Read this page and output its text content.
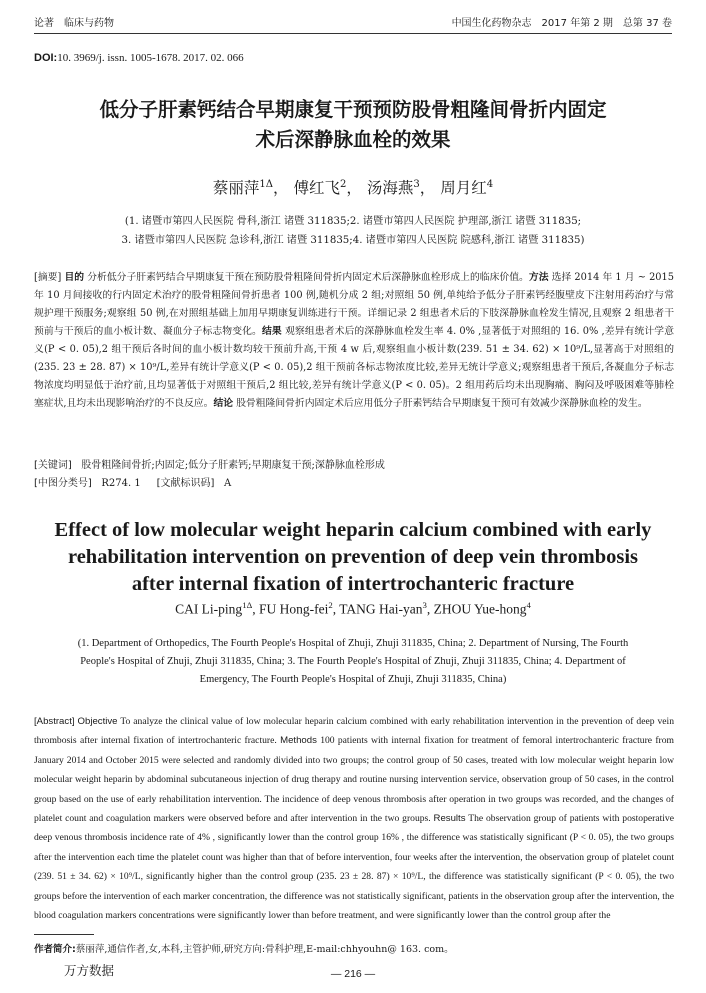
论著　临床与药物	中国生化药物杂志　2017 年第 2 期　总第 37 卷
DOI:10. 3969/j. issn. 1005-1678. 2017. 02. 066
低分子肝素钙结合早期康复干预预防股骨粗隆间骨折内固定
术后深静脉血栓的效果
蔡丽萍$^{1\Delta}$， 傅红飞$^2$， 汤海燕$^3$， 周月红$^4$
(1. 诸暨市第四人民医院 骨科,浙江 诸暨 311835;2. 诸暨市第四人民医院 护理部,浙江 诸暨 311835;
3. 诸暨市第四人民医院 急诊科,浙江 诸暨 311835;4. 诸暨市第四人民医院 院感科,浙江 诸暨 311835)
[摘要] 目的 分析低分子肝素钙结合早期康复干预在预防股骨粗隆间骨折内固定术后深静脉血栓形成上的临床价值。方法 选择 2014 年 1 月 ~ 2015 年 10 月间接收的行内固定术治疗的股骨粗隆间骨折患者 100 例,随机分成 2 组;对照组 50 例,单纯给予低分子肝素钙经腹壁皮下注射用药治疗与常规护理干预服务;观察组 50 例,在对照组基础上加用早期康复训练进行干预。详细记录 2 组患者术后的下肢深静脉血栓发生情况,且观察 2 组患者干预前与干预后的血小板计数、凝血分子标志物变化。结果 观察组患者术后的深静脉血栓发生率 4. 0% ,显著低于对照组的 16. 0% ,差异有统计学意义(P < 0. 05),2 组干预后各时间的血小板计数均较干预前升高,干预 4 w 后,观察组血小板计数(239. 51 ± 34. 62) × 10⁹/L,显著高于对照组的(235. 23 ± 28. 87) × 10⁹/L,差异有统计学意义(P < 0. 05),2 组干预前各标志物浓度比较,差异无统计学意义;观察组患者干预后,各凝血分子标志物浓度均明显低于治疗前,且均显著低于对照组干预后,2 组比较,差异有统计学意义(P < 0. 05)。2 组用药后均未出现胸痛、胸闷及呼吸困难等肺栓塞症状,且均未出现影响治疗的不良反应。结论 股骨粗隆间骨折内固定术后应用低分子肝素钙结合早期康复干预可有效减少深静脉血栓的发生。
[关键词] 股骨粗隆间骨折;内固定;低分子肝素钙;早期康复干预;深静脉血栓形成
[中图分类号] R274. 1 [文献标识码] A
Effect of low molecular weight heparin calcium combined with early
rehabilitation intervention on prevention of deep vein thrombosis
after internal fixation of intertrochanteric fracture
CAI Li-ping$^{1\Delta}$, FU Hong-fei$^2$, TANG Hai-yan$^3$, ZHOU Yue-hong$^4$
(1. Department of Orthopedics, The Fourth People's Hospital of Zhuji, Zhuji 311835, China; 2. Department of Nursing, The Fourth
People's Hospital of Zhuji, Zhuji 311835, China; 3. The Fourth People's Hospital of Zhuji, Zhuji 311835, China; 4. Department of
Emergency, The Fourth People's Hospital of Zhuji, Zhuji 311835, China)
[Abstract] Objective To analyze the clinical value of low molecular heparin calcium combined with early rehabilitation intervention in the prevention of deep vein thrombosis after internal fixation of intertrochanteric fracture. Methods 100 patients with internal fixation for treatment of femoral intertrochanteric fracture from January 2014 and October 2015 were selected and randomly divided into two groups; the control group of 50 cases, treated with low molecular weight heparin low molecular weight heparin by abdominal subcutaneous injection of drug therapy and routine nursing intervention service, observation group of 50 cases, in the control group based on the use of early rehabilitation intervention. The incidence of deep venous thrombosis after operation in two groups was recorded, and the changes of platelet count and coagulation markers were observed before and after intervention in the two groups. Results The observation group of patients with postoperative deep venous thrombosis incidence rate of 4% , significantly lower than the control group 16% , the difference was statistically significant (P < 0. 05), the two groups after the intervention each time the platelet count was higher than that of before intervention, four weeks after the intervention, the observation group of platelet count (239. 51 ± 34. 62) × 10⁹/L, significantly higher than the control group (235. 23 ± 28. 87) × 10⁹/L, the difference was statistically significant (P < 0. 05), the two groups before the intervention of each marker concentration, the difference was not statistically significant, patients in the observation group after the intervention, the blood coagulation markers concentrations were significantly lower than before treatment, and were significantly lower than the control group after the
作者简介:蔡丽萍,通信作者,女,本科,主管护师,研究方向:骨科护理,E-mail:chhyouhn@ 163. com。
万方数据	— 216 —
